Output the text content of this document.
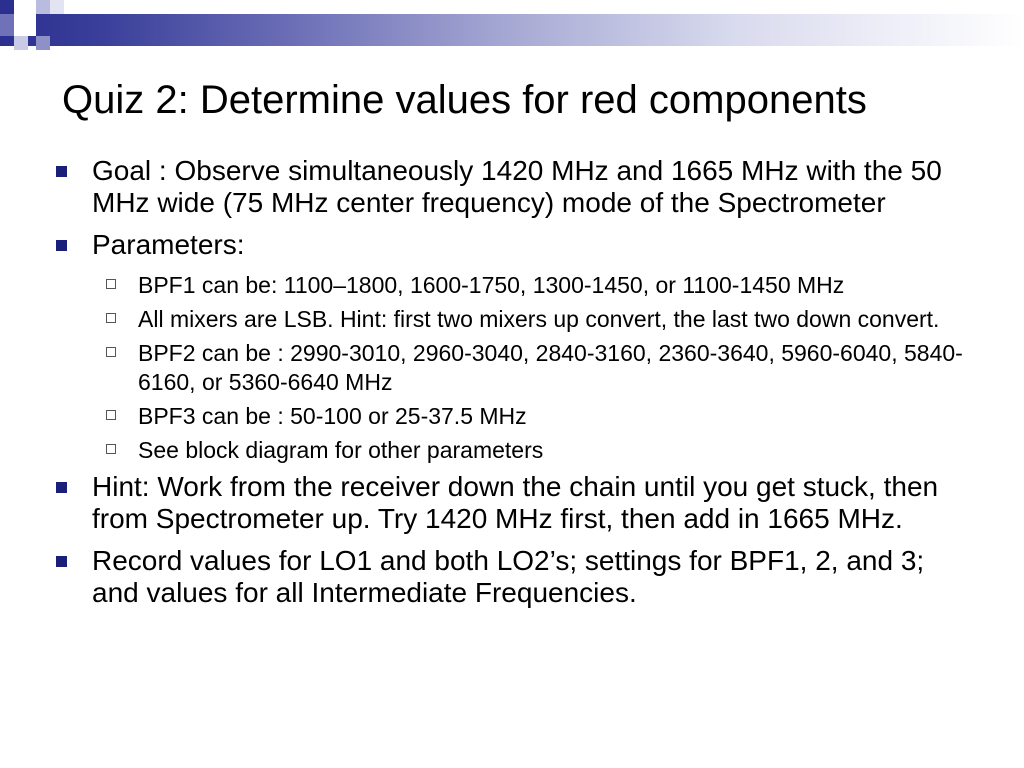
Quiz 2: Determine values for red components
Goal : Observe simultaneously 1420 MHz and 1665 MHz with the 50 MHz wide (75 MHz center frequency) mode of the Spectrometer
Parameters:
BPF1 can be: 1100–1800, 1600-1750, 1300-1450, or 1100-1450 MHz
All mixers are LSB. Hint: first two mixers up convert, the last two down convert.
BPF2 can be : 2990-3010, 2960-3040, 2840-3160, 2360-3640, 5960-6040, 5840-6160, or 5360-6640 MHz
BPF3 can be : 50-100 or 25-37.5 MHz
See block diagram for other parameters
Hint: Work from the receiver down the chain until you get stuck, then from Spectrometer up. Try 1420 MHz first, then add in 1665 MHz.
Record values for LO1 and both LO2’s; settings for BPF1, 2, and 3; and values for all Intermediate Frequencies.
